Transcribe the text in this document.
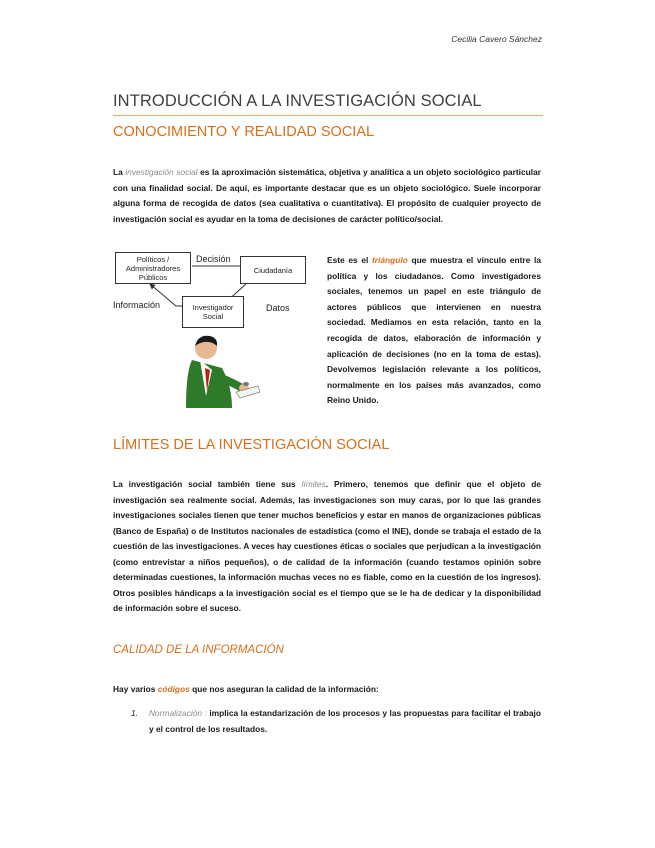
Cecilia Cavero Sánchez
INTRODUCCIÓN A LA INVESTIGACIÓN SOCIAL
CONOCIMIENTO Y REALIDAD SOCIAL
La investigación social es la aproximación sistemática, objetiva y analítica a un objeto sociológico particular con una finalidad social. De aquí, es importante destacar que es un objeto sociológico. Suele incorporar alguna forma de recogida de datos (sea cualitativa o cuantitativa). El propósito de cualquier proyecto de investigación social es ayudar en la toma de decisiones de carácter político/social.
Políticos / Administradores Públicos
Ciudadanía
Investigador Social
Decisión
Información	Datos
Este es el triángulo que muestra el vínculo entre la política y los ciudadanos. Como investigadores sociales, tenemos un papel en este triángulo de actores públicos que intervienen en nuestra sociedad. Mediamos en esta relación, tanto en la recogida de datos, elaboración de información y aplicación de decisiones (no en la toma de estas). Devolvemos legislación relevante a los políticos, normalmente en los países más avanzados, como Reino Unido.
LÍMITES DE LA INVESTIGACIÓN SOCIAL
La investigación social también tiene sus límites. Primero, tenemos que definir que el objeto de investigación sea realmente social. Además, las investigaciones son muy caras, por lo que las grandes investigaciones sociales tienen que tener muchos beneficios y estar en manos de organizaciones públicas (Banco de España) o de Institutos nacionales de estadística (como el INE), donde se trabaja el estado de la cuestión de las investigaciones. A veces hay cuestiones éticas o sociales que perjudican a la investigación (como entrevistar a niños pequeños), o de calidad de la información (cuando testamos opinión sobre determinadas cuestiones, la información muchas veces no es fiable, como en la cuestión de los ingresos). Otros posibles hándicaps a la investigación social es el tiempo que se le ha de dedicar y la disponibilidad de información sobre el suceso.
CALIDAD DE LA INFORMACIÓN
Hay varios códigos que nos aseguran la calidad de la información:
1. Normalización : implica la estandarización de los procesos y las propuestas para facilitar el trabajo y el control de los resultados.
